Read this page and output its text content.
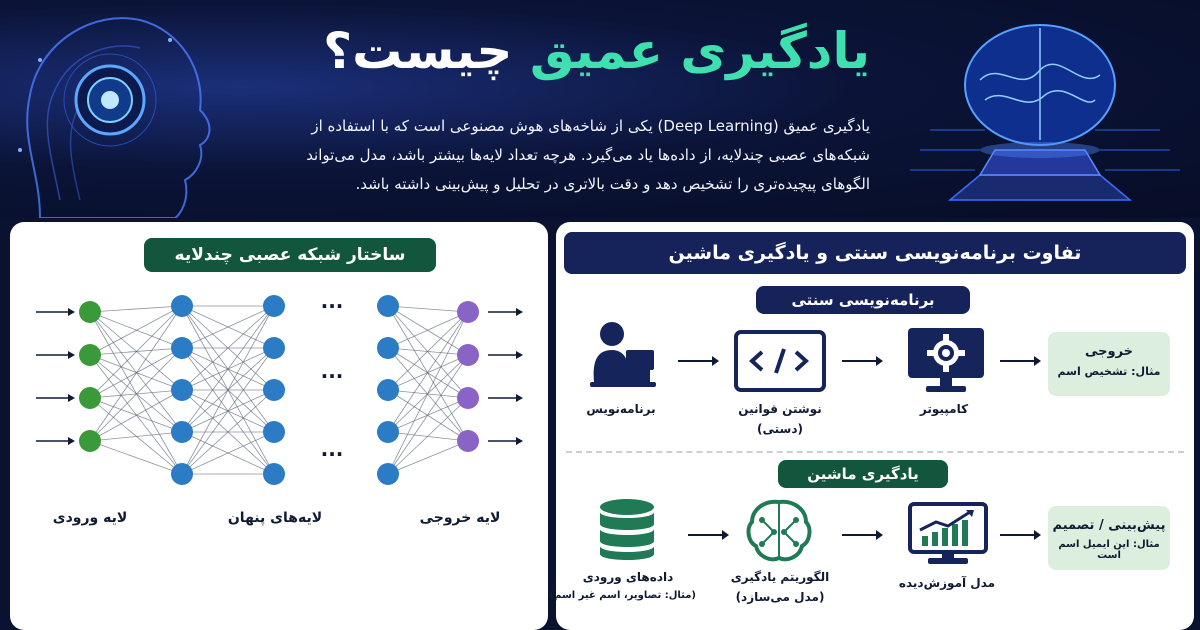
یادگیری عمیق چیست؟
یادگیری عمیق (Deep Learning) یکی از شاخه‌های هوش مصنوعی است که با استفاده از شبکه‌های عصبی چندلایه، از داده‌ها یاد می‌گیرد. هرچه تعداد لایه‌ها بیشتر باشد، مدل می‌تواند الگوهای پیچیده‌تری را تشخیص دهد و دقت بالاتری در تحلیل و پیش‌بینی داشته باشد.
ساختار شبکه عصبی چندلایه
...
...
...
لایه ورودی	لایه‌های پنهان	لایه خروجی
تفاوت برنامه‌نویسی سنتی و یادگیری ماشین
برنامه‌نویسی سنتی
برنامه‌نویس	نوشتن قوانین
(دستی)
کامپیوتر
خروجی
مثال: تشخیص اسم
یادگیری ماشین
داده‌های ورودی
(مثال: تصاویر، اسم غیر اسم)
الگوریتم یادگیری
(مدل می‌سازد)
مدل آموزش‌دیده
پیش‌بینی / تصمیم
مثال: این ایمیل اسم است
